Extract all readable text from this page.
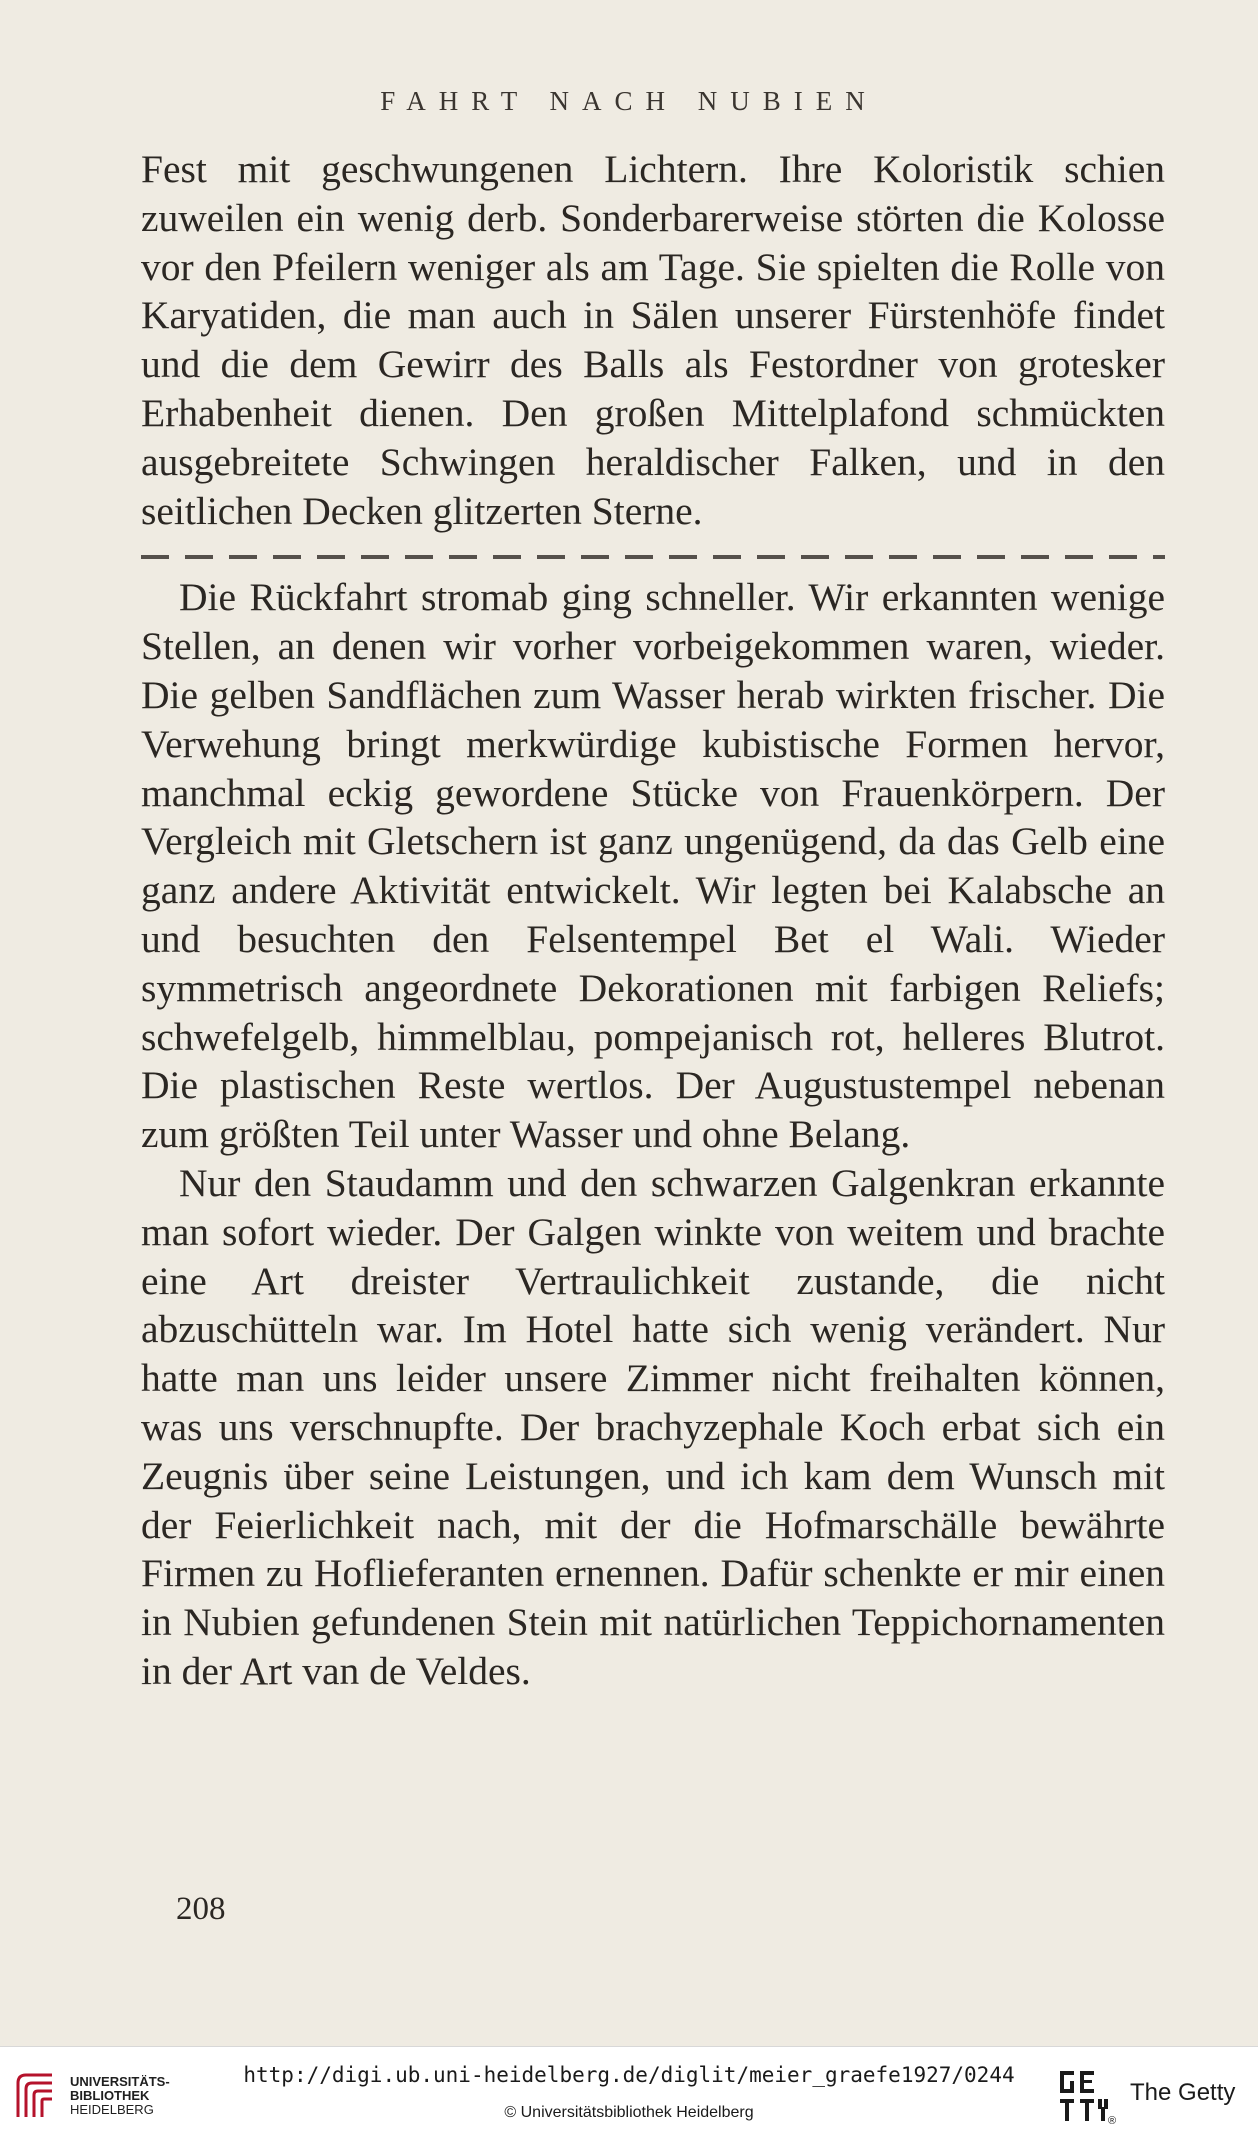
FAHRT NACH NUBIEN

Fest mit geschwungenen Lichtern. Ihre Koloristik schien zuweilen ein wenig derb. Sonderbarerweise störten die Kolosse vor den Pfeilern weniger als am Tage. Sie spielten die Rolle von Karyatiden, die man auch in Sälen unserer Fürstenhöfe findet und die dem Gewirr des Balls als Festordner von grotesker Erhabenheit dienen. Den großen Mittelplafond schmückten ausgebreitete Schwingen heraldischer Falken, und in den seitlichen Decken glitzerten Sterne.

Die Rückfahrt stromab ging schneller. Wir erkannten wenige Stellen, an denen wir vorher vorbeigekommen waren, wieder. Die gelben Sandflächen zum Wasser herab wirkten frischer. Die Verwehung bringt merkwürdige kubistische Formen hervor, manchmal eckig gewordene Stücke von Frauenkörpern. Der Vergleich mit Gletschern ist ganz ungenügend, da das Gelb eine ganz andere Aktivität entwickelt. Wir legten bei Kalabsche an und besuchten den Felsentempel Bet el Wali. Wieder symmetrisch angeordnete Dekorationen mit farbigen Reliefs; schwefelgelb, himmelblau, pompejanisch rot, helleres Blutrot. Die plastischen Reste wertlos. Der Augustustempel nebenan zum größten Teil unter Wasser und ohne Belang.

Nur den Staudamm und den schwarzen Galgenkran erkannte man sofort wieder. Der Galgen winkte von weitem und brachte eine Art dreister Vertraulichkeit zustande, die nicht abzuschütteln war. Im Hotel hatte sich wenig verändert. Nur hatte man uns leider unsere Zimmer nicht freihalten können, was uns verschnupfte. Der brachyzephale Koch erbat sich ein Zeugnis über seine Leistungen, und ich kam dem Wunsch mit der Feierlichkeit nach, mit der die Hofmarschälle bewährte Firmen zu Hoflieferanten ernennen. Dafür schenkte er mir einen in Nubien gefundenen Stein mit natürlichen Teppichornamenten in der Art van de Veldes.

208
UNIVERSITÄTS-
BIBLIOTHEK
HEIDELBERG
http://digi.ub.uni-heidelberg.de/diglit/meier_graefe1927/0244
© Universitätsbibliothek Heidelberg	®
The Getty
